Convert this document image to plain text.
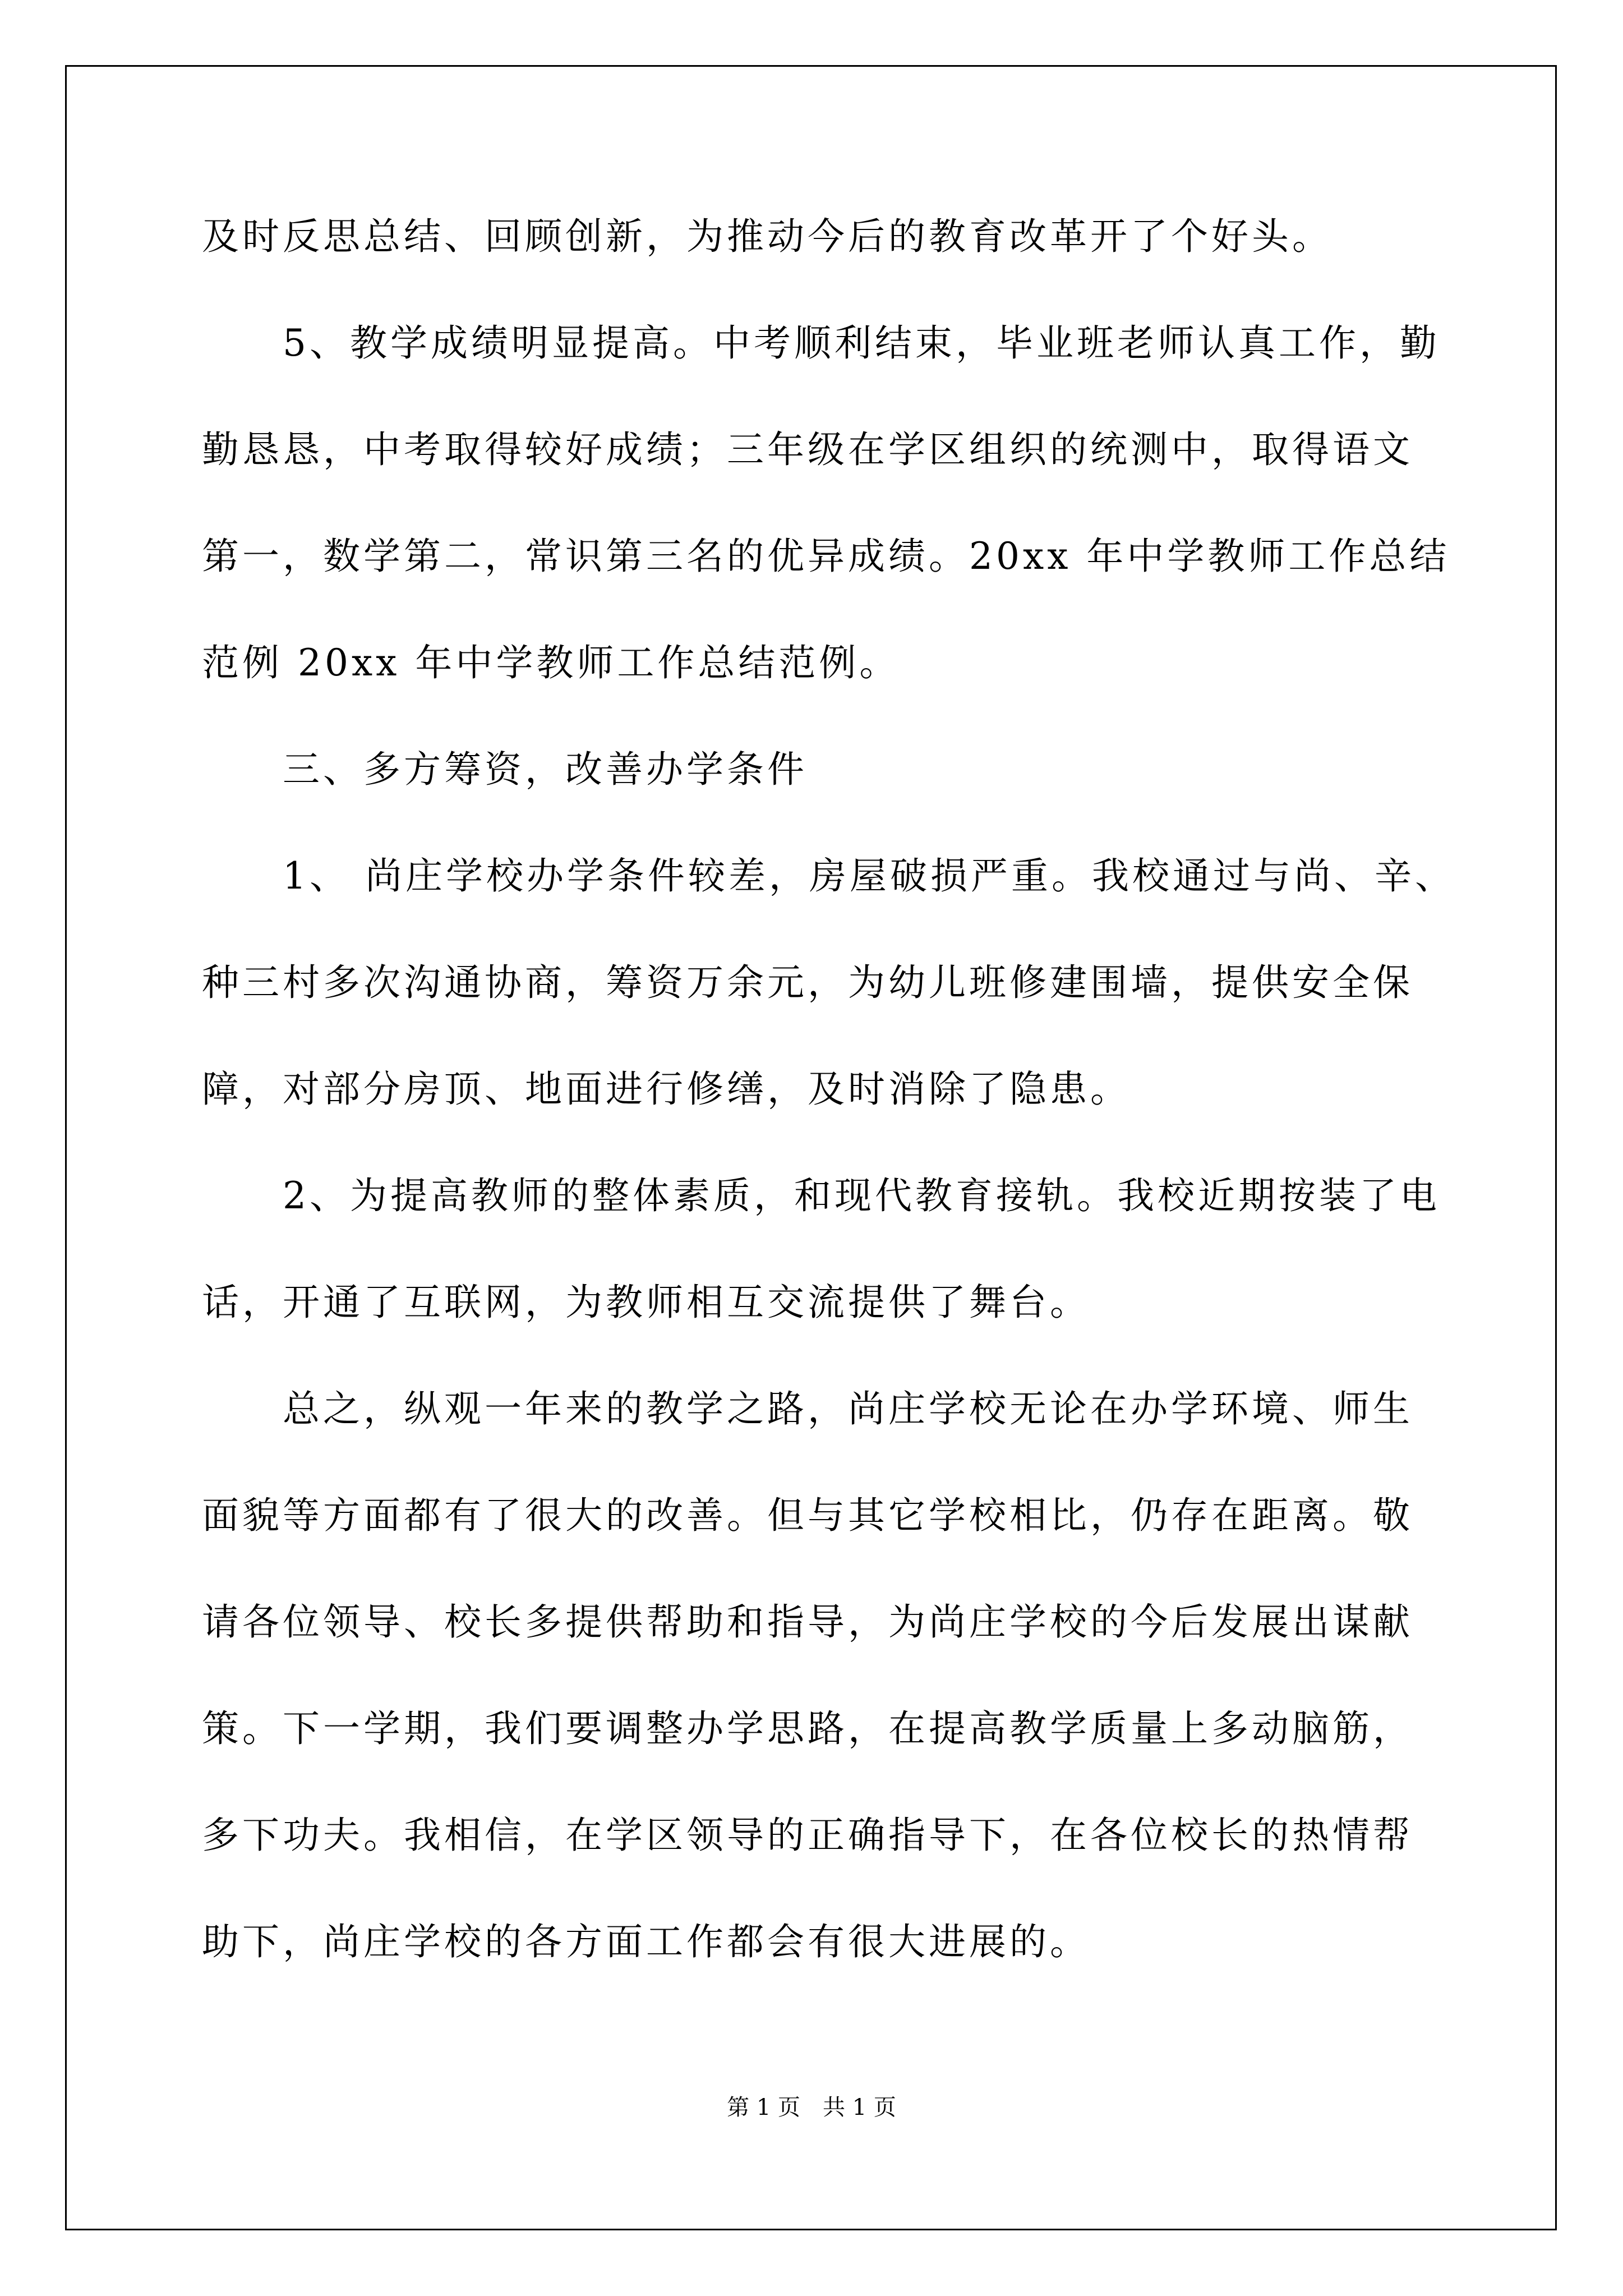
及时反思总结、回顾创新，为推动今后的教育改革开了个好头。
　　5、教学成绩明显提高。中考顺利结束，毕业班老师认真工作，勤
勤恳恳，中考取得较好成绩；三年级在学区组织的统测中，取得语文
第一，数学第二，常识第三名的优异成绩。20xx 年中学教师工作总结
范例 20xx 年中学教师工作总结范例。
　　三、多方筹资，改善办学条件
　　1、 尚庄学校办学条件较差，房屋破损严重。我校通过与尚、辛、
种三村多次沟通协商，筹资万余元，为幼儿班修建围墙，提供安全保
障，对部分房顶、地面进行修缮，及时消除了隐患。
　　2、为提高教师的整体素质，和现代教育接轨。我校近期按装了电
话，开通了互联网，为教师相互交流提供了舞台。
　　总之，纵观一年来的教学之路，尚庄学校无论在办学环境、师生
面貌等方面都有了很大的改善。但与其它学校相比，仍存在距离。敬
请各位领导、校长多提供帮助和指导，为尚庄学校的今后发展出谋献
策。下一学期，我们要调整办学思路，在提高教学质量上多动脑筋，
多下功夫。我相信，在学区领导的正确指导下，在各位校长的热情帮
助下，尚庄学校的各方面工作都会有很大进展的。
第 1 页　共 1 页
